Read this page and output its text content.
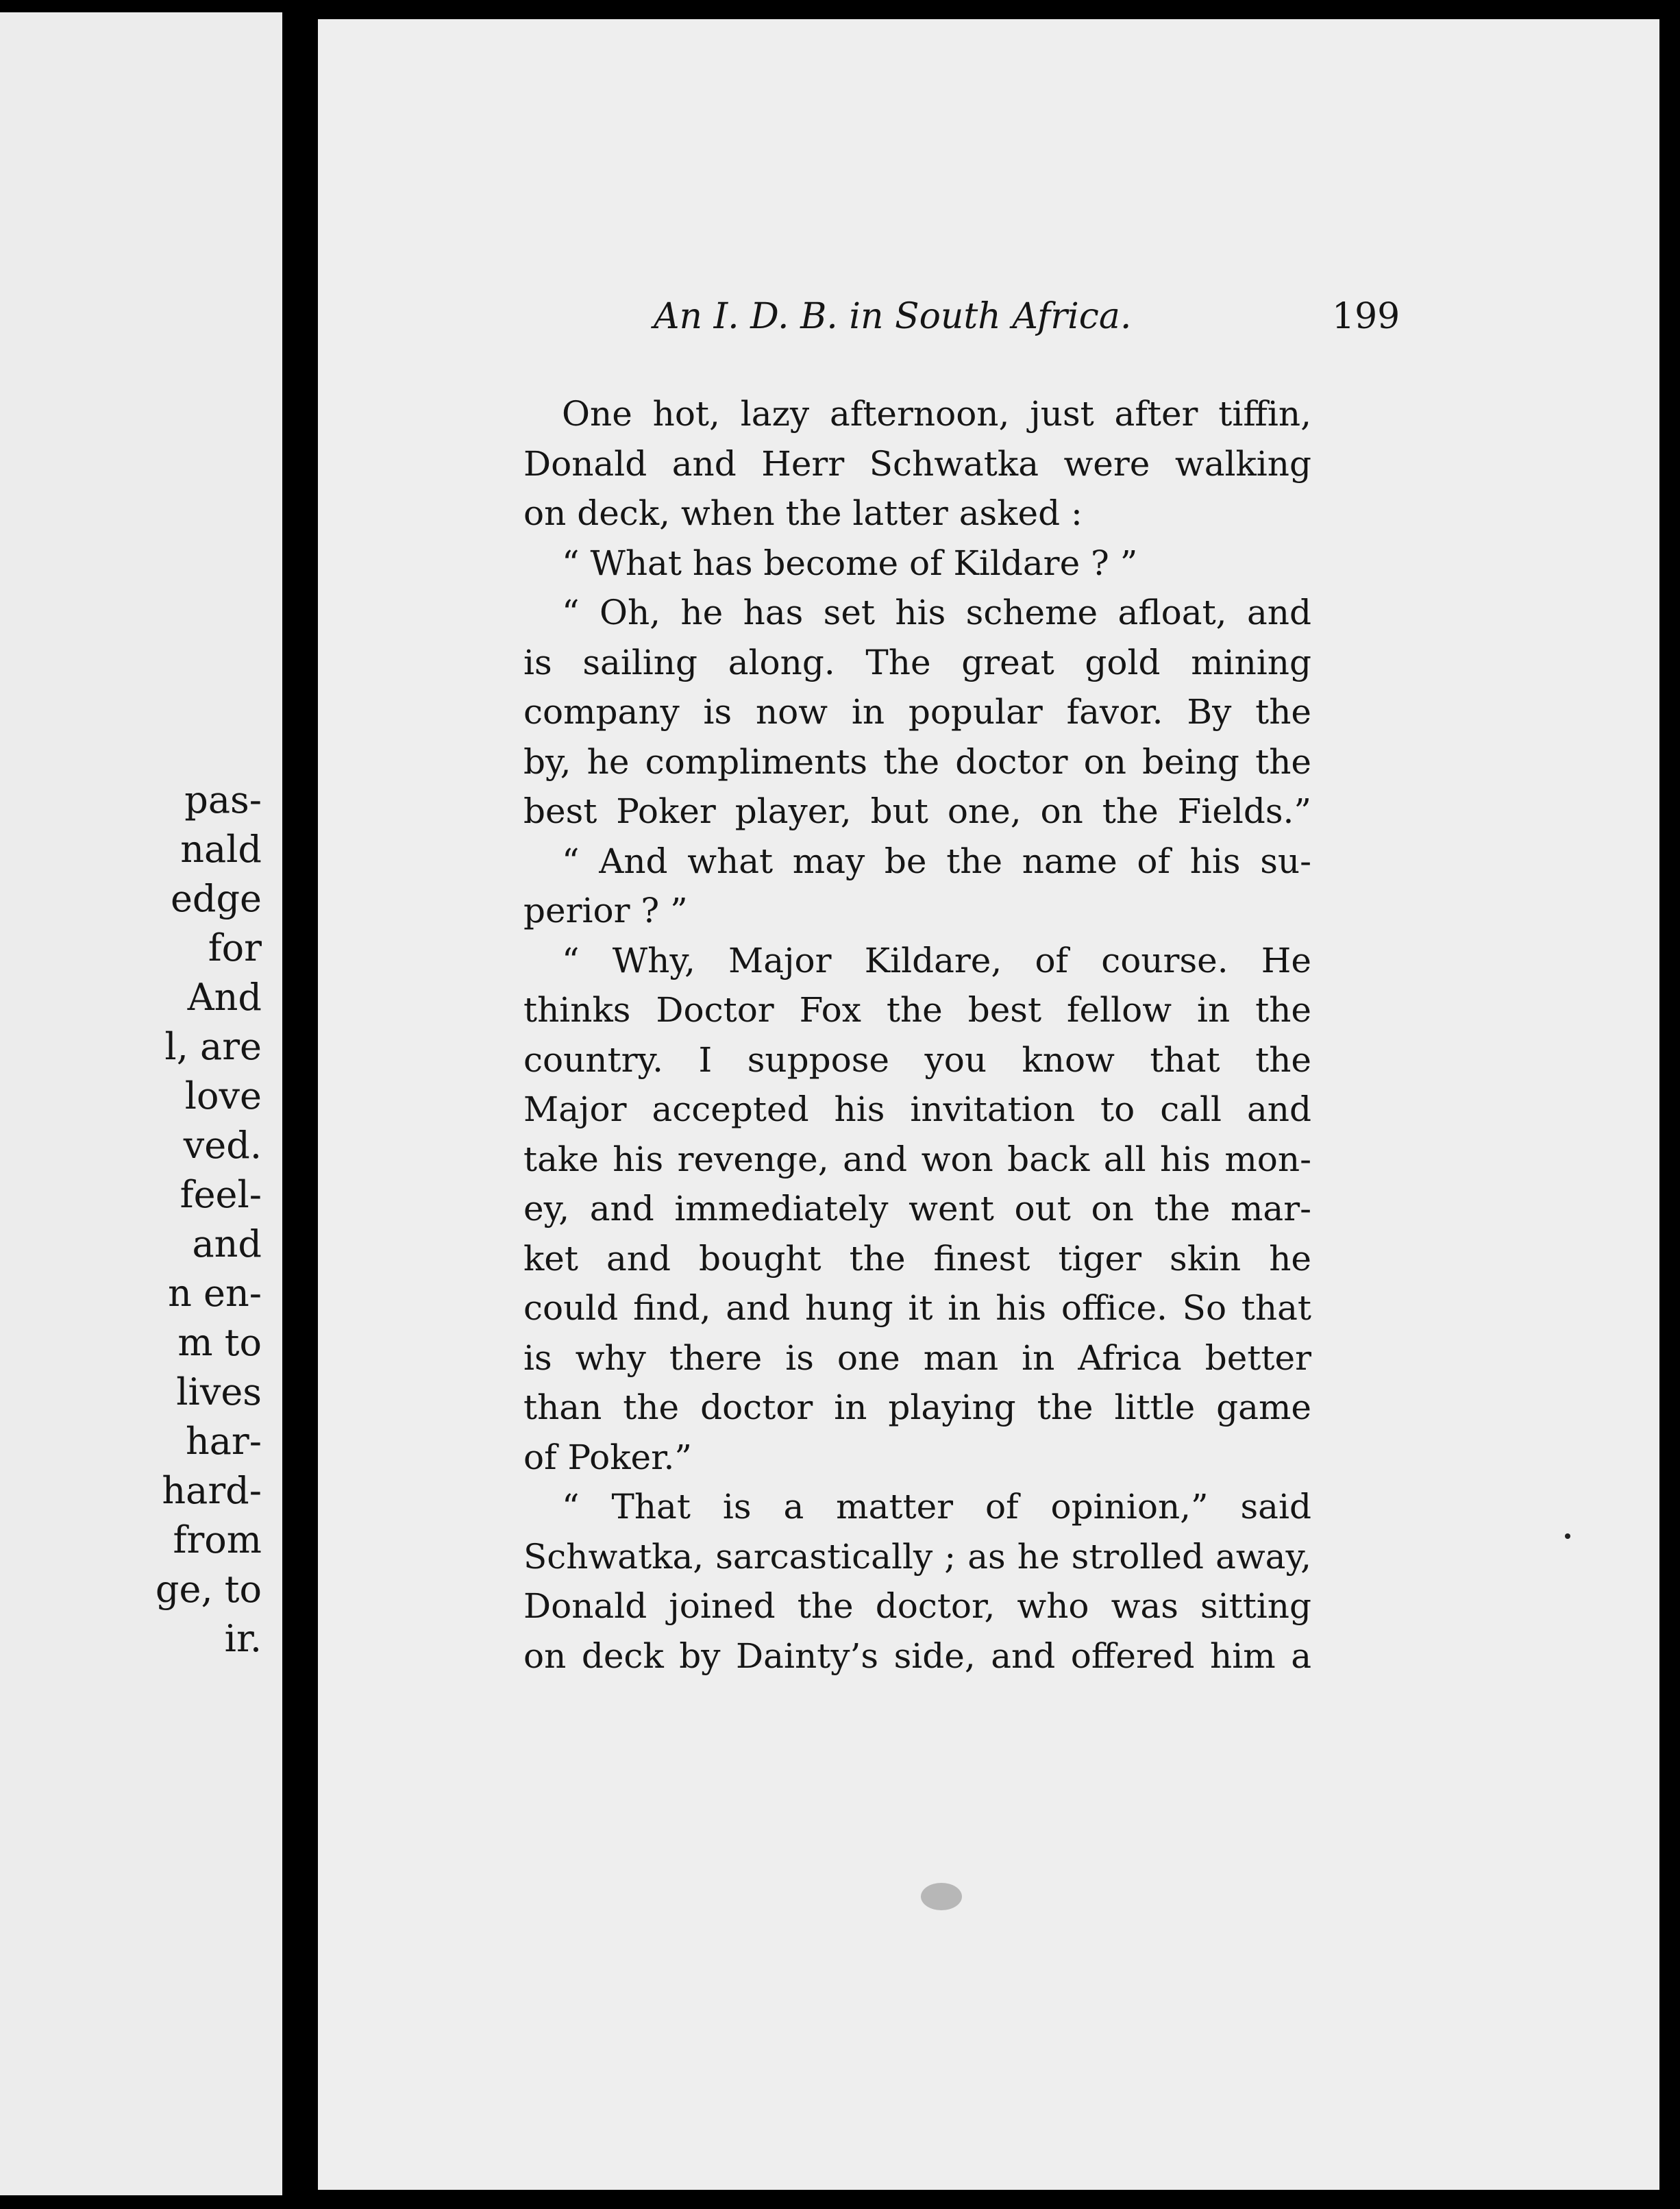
pas-
nald
edge
for
And
l, are
love
ved.
feel-
and
n en-
m to
lives
har-
hard-
from
ge, to
ir.
An I. D. B. in South Africa.	199
One hot, lazy afternoon, just after tiffin,
Donald and Herr Schwatka were walking
on deck, when the latter asked :
“ What has become of Kildare ? ”
“ Oh, he has set his scheme afloat, and
is sailing along. The great gold mining
company is now in popular favor. By the
by, he compliments the doctor on being the
best Poker player, but one, on the Fields.”
“ And what may be the name of his su-
perior ? ”
“ Why, Major Kildare, of course. He
thinks Doctor Fox the best fellow in the
country. I suppose you know that the
Major accepted his invitation to call and
take his revenge, and won back all his mon-
ey, and immediately went out on the mar-
ket and bought the finest tiger skin he
could find, and hung it in his office. So that
is why there is one man in Africa better
than the doctor in playing the little game
of Poker.”
“ That is a matter of opinion,” said
Schwatka, sarcastically ; as he strolled away,
Donald joined the doctor, who was sitting
on deck by Dainty’s side, and offered him a
